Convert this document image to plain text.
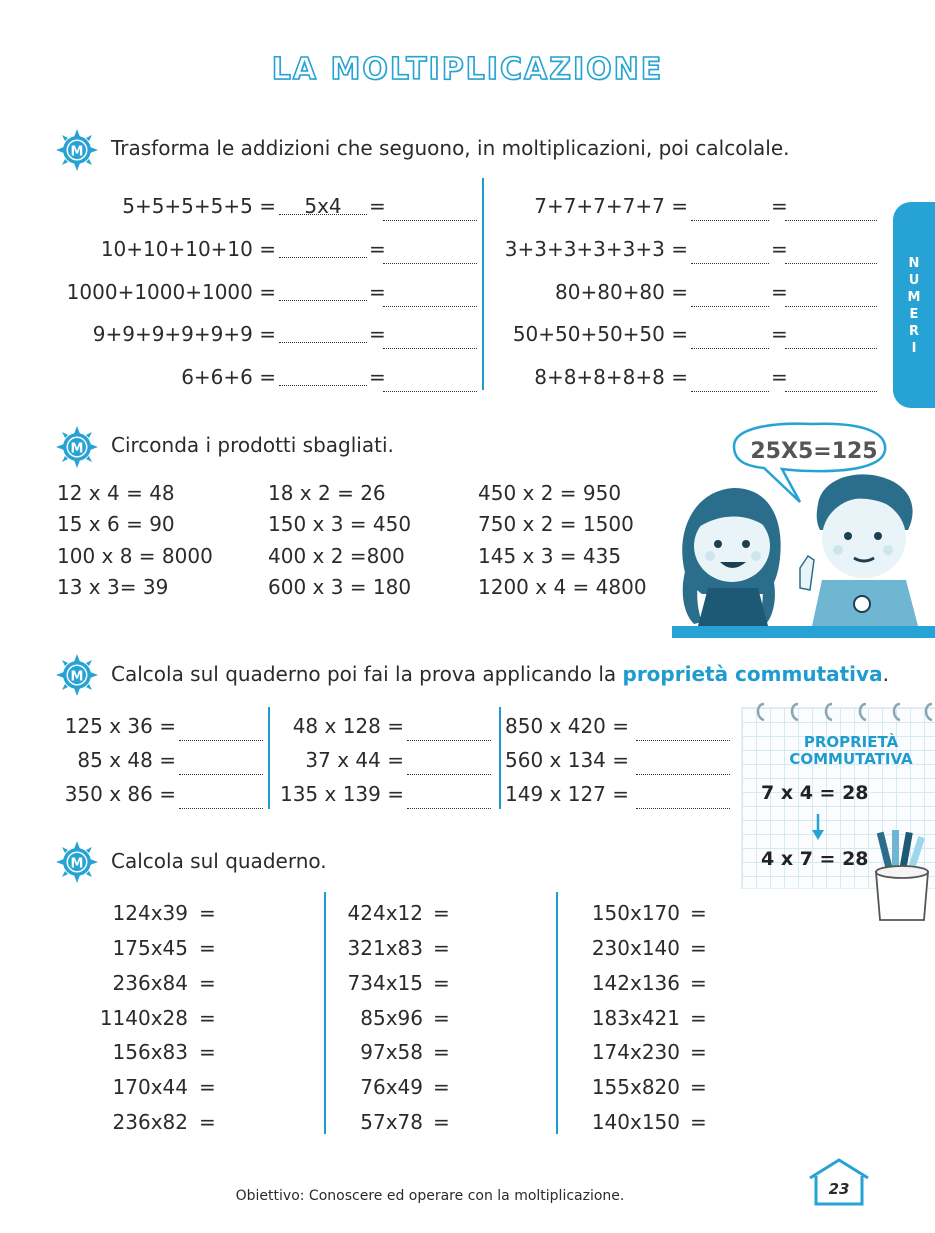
LA MOLTIPLICAZIONE
N
U
M
E
R
I
M Trasforma le addizioni che seguono, in moltiplicazioni, poi calcolale.
5+5+5+5+5 =	5x4	=
10+10+10+10 =	=
1000+1000+1000 =	=
9+9+9+9+9+9 =	=
6+6+6 =	=
7+7+7+7+7 =	=
3+3+3+3+3+3 =	=
80+80+80 =	=
50+50+50+50 =	=
8+8+8+8+8 =	=
M Circonda i prodotti sbagliati.
12 x 4 = 48
15 x 6 = 90
100 x 8 = 8000
13 x 3= 39
18 x 2 = 26
150 x 3 = 450
400 x 2 =800
600 x 3 = 180
450 x 2 = 950
750 x 2 = 1500
145 x 3 = 435
1200 x 4 = 4800
25X5=125
M Calcola sul quaderno poi fai la prova applicando la proprietà commutativa.
125 x 36 =
85 x 48 =
350 x 86 =
48 x 128 =
37 x 44 =
135 x 139 =
850 x 420 =
560 x 134 =
149 x 127 =
PROPRIETÀ
COMMUTATIVA
7 x 4 = 28
4 x 7 = 28
M Calcola sul quaderno.
124x39 =
175x45 =
236x84 =
1140x28 =
156x83 =
170x44 =
236x82 =
424x12 =
321x83 =
734x15 =
85x96 =
97x58 =
76x49 =
57x78 =
150x170 =
230x140 =
142x136 =
183x421 =
174x230 =
155x820 =
140x150 =
Obiettivo: Conoscere ed operare con la moltiplicazione.	23
